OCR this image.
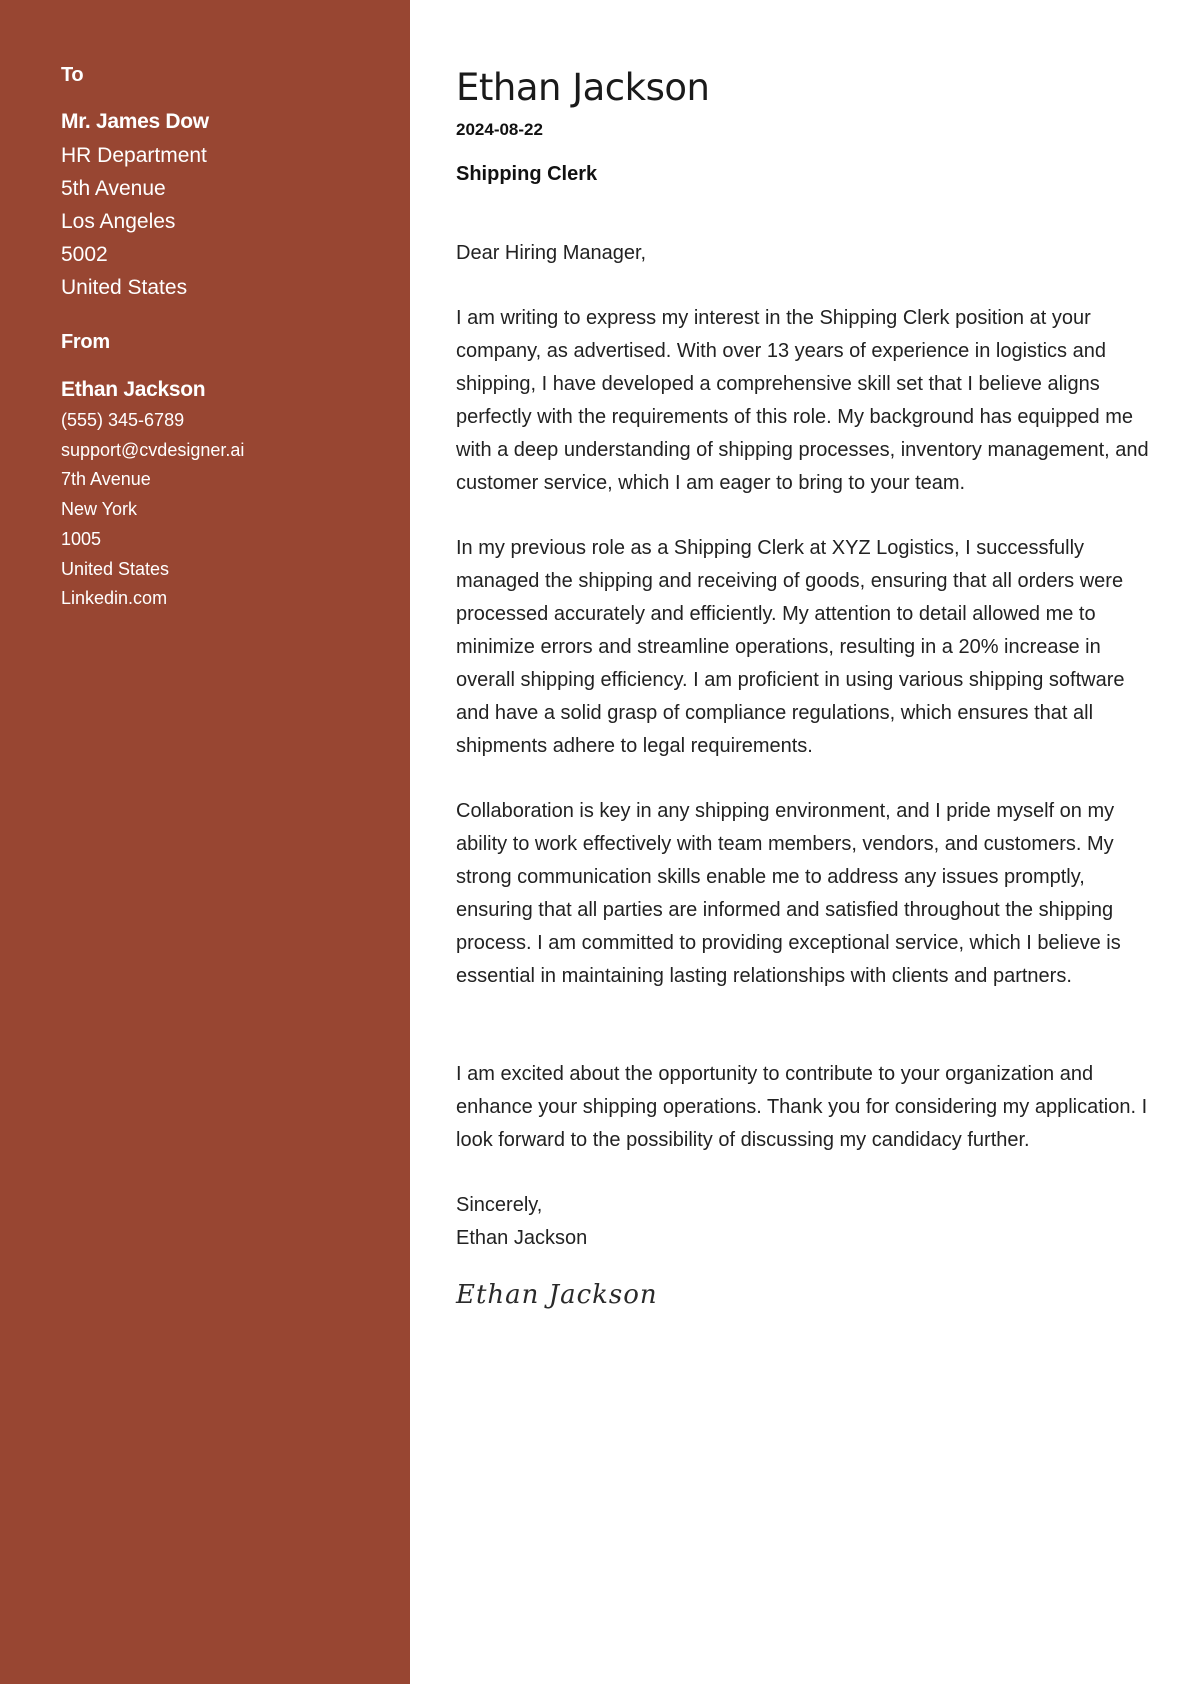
To
Mr. James Dow
HR Department
5th Avenue
Los Angeles
5002
United States
From
Ethan Jackson
(555) 345-6789
support@cvdesigner.ai
7th Avenue
New York
1005
United States
Linkedin.com
Ethan Jackson
2024-08-22
Shipping Clerk
Dear Hiring Manager,

I am writing to express my interest in the Shipping Clerk position at your company, as advertised. With over 13 years of experience in logistics and shipping, I have developed a comprehensive skill set that I believe aligns perfectly with the requirements of this role. My background has equipped me with a deep understanding of shipping processes, inventory management, and customer service, which I am eager to bring to your team.

In my previous role as a Shipping Clerk at XYZ Logistics, I successfully managed the shipping and receiving of goods, ensuring that all orders were processed accurately and efficiently. My attention to detail allowed me to minimize errors and streamline operations, resulting in a 20% increase in overall shipping efficiency. I am proficient in using various shipping software and have a solid grasp of compliance regulations, which ensures that all shipments adhere to legal requirements.

Collaboration is key in any shipping environment, and I pride myself on my ability to work effectively with team members, vendors, and customers. My strong communication skills enable me to address any issues promptly, ensuring that all parties are informed and satisfied throughout the shipping process. I am committed to providing exceptional service, which I believe is essential in maintaining lasting relationships with clients and partners.

I am excited about the opportunity to contribute to your organization and enhance your shipping operations. Thank you for considering my application. I look forward to the possibility of discussing my candidacy further.

Sincerely,
Ethan Jackson
Ethan Jackson
